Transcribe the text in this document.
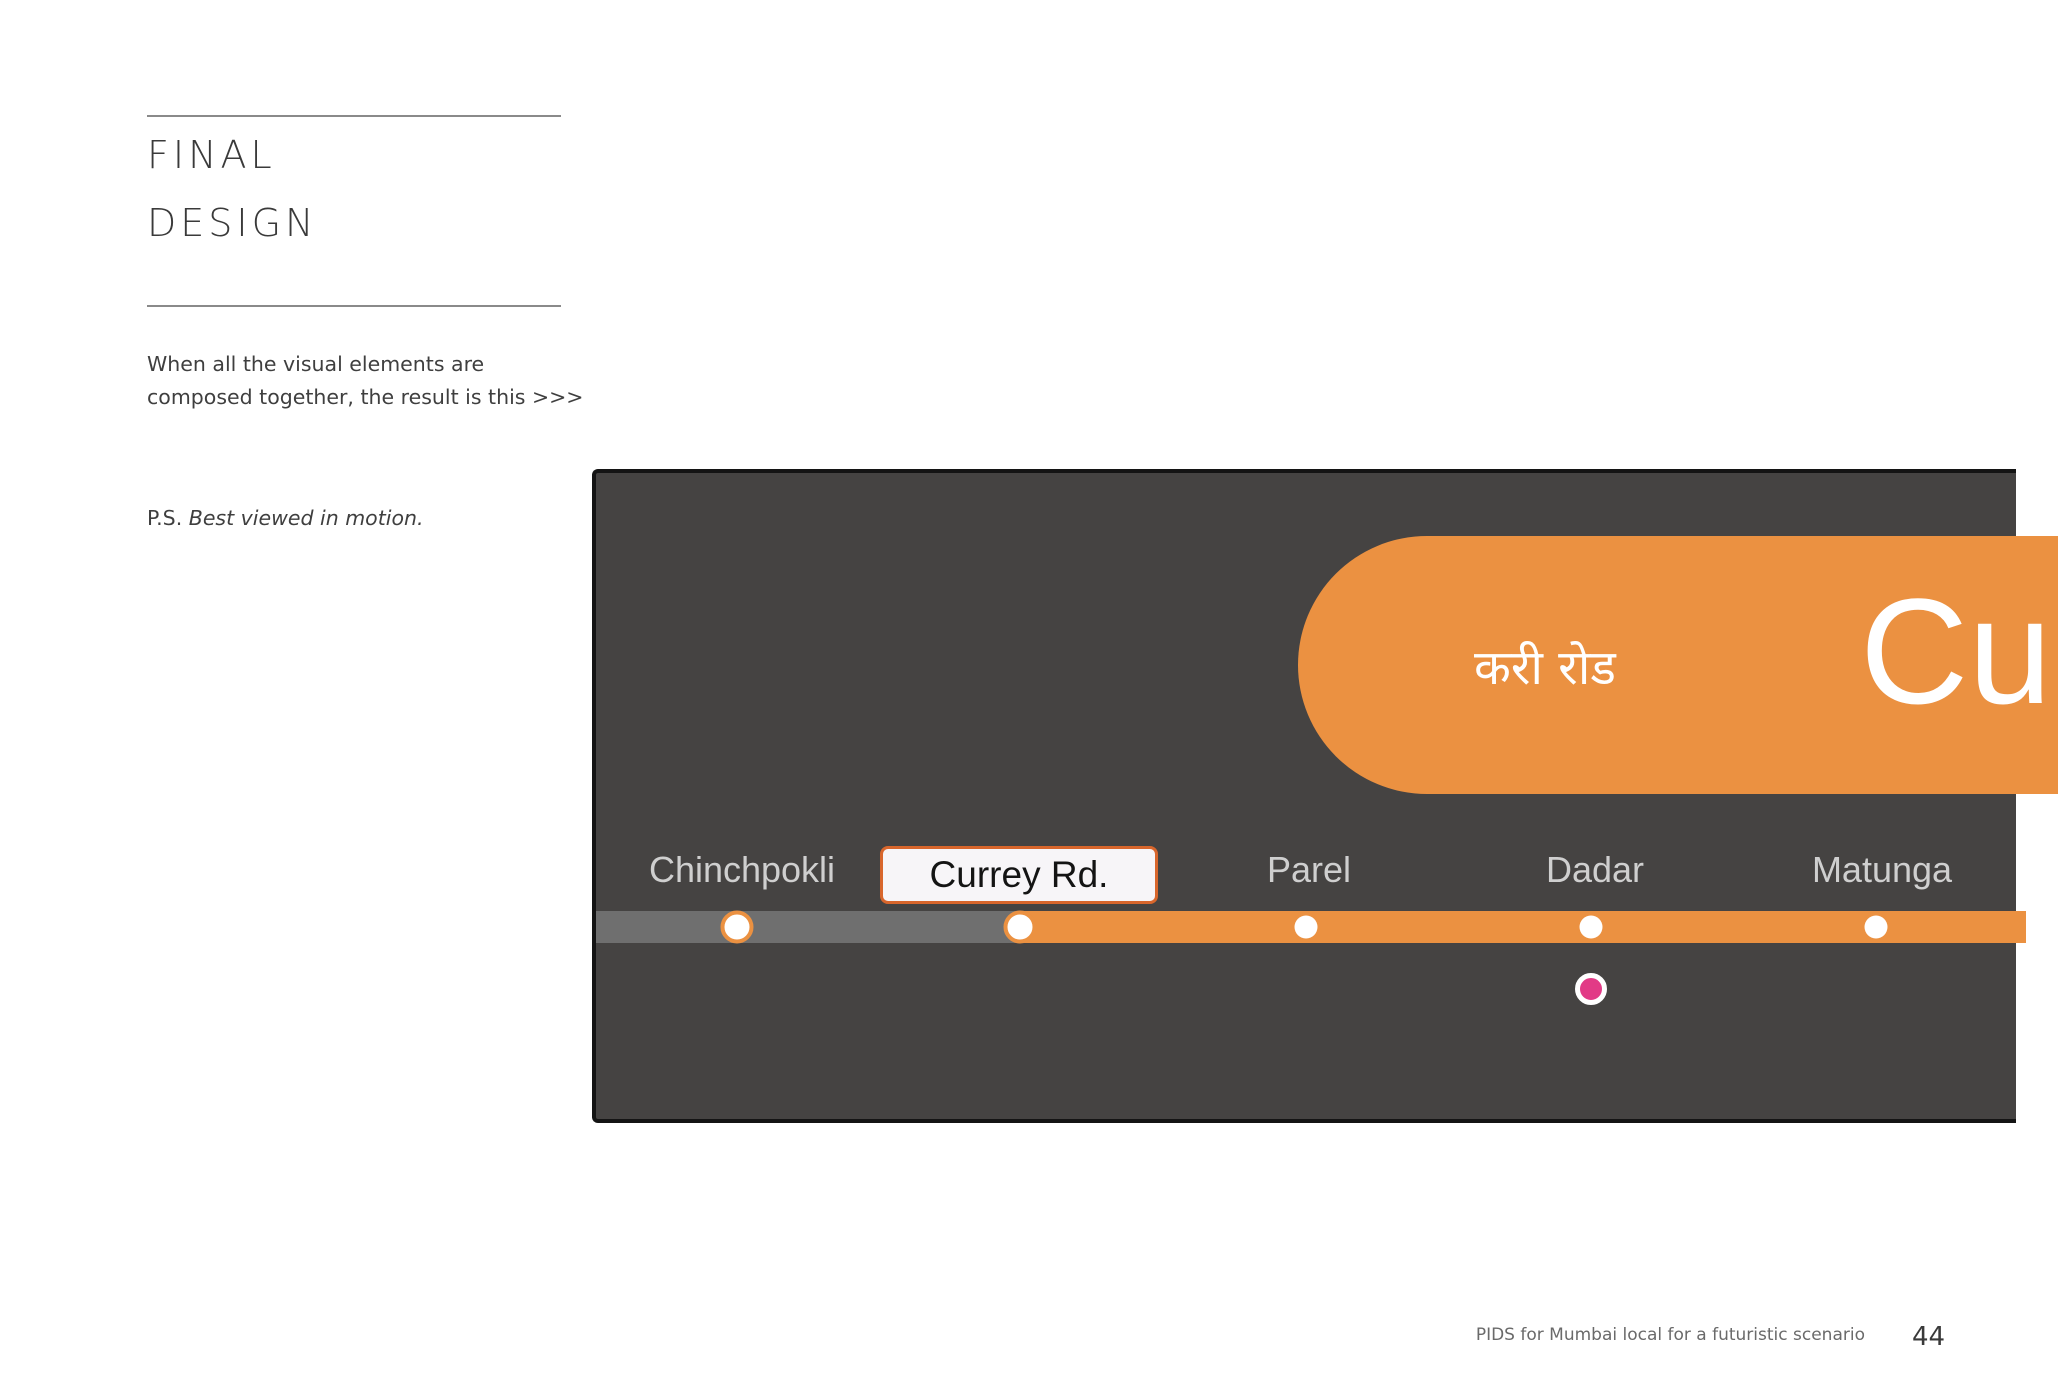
FINAL
DESIGN
When all the visual elements are composed together, the result is this >>>
P.S. Best viewed in motion.
करी रोड Cu
Chinchpokli	Currey Rd.	Parel	Dadar	Matunga
PIDS for Mumbai local for a futuristic scenario 44
